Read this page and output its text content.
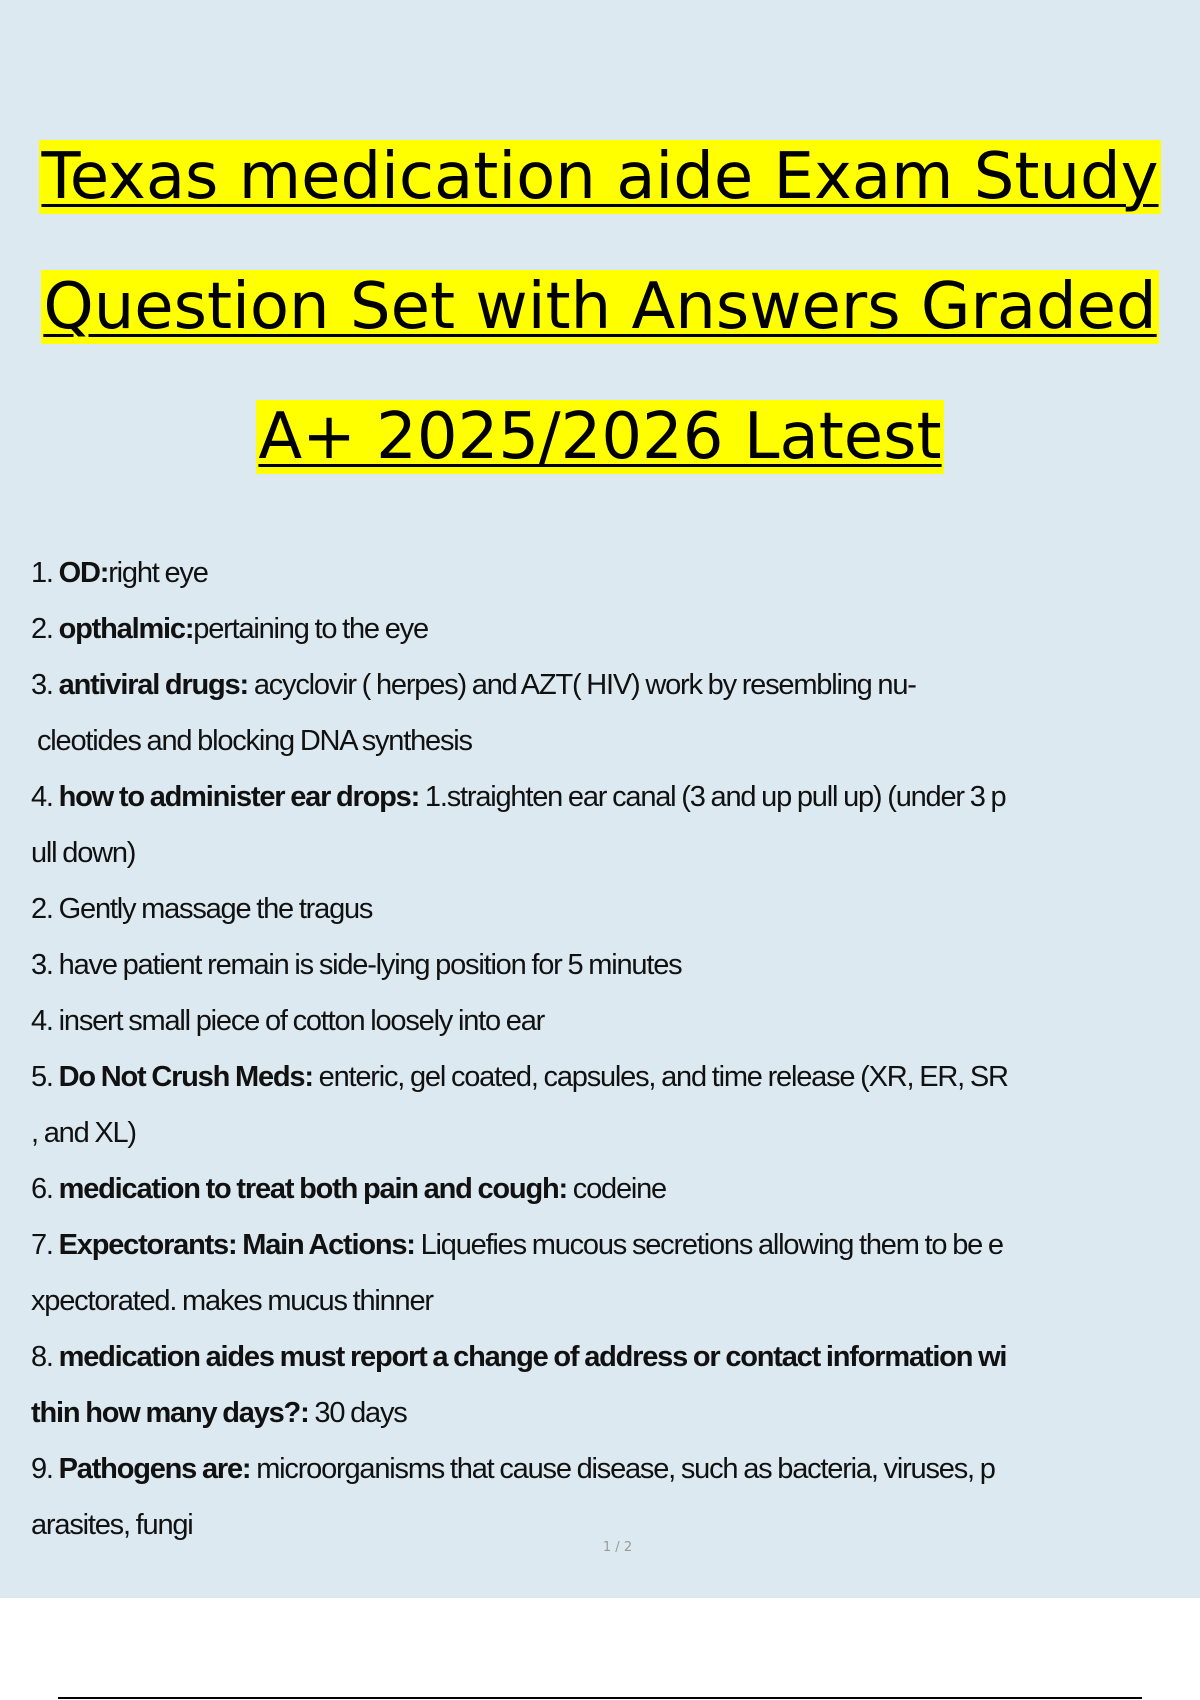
Texas medication aide Exam Study
Question Set with Answers Graded
A+ 2025/2026 Latest

1. OD:right eye

2. opthalmic:pertaining to the eye

3. antiviral drugs: acyclovir ( herpes) and AZT( HIV) work by resembling nu-
cleotides and blocking DNA synthesis

4. how to administer ear drops: 1.straighten ear canal (3 and up pull up) (under 3 p
ull down)

2. Gently massage the tragus

3. have patient remain is side-lying position for 5 minutes

4. insert small piece of cotton loosely into ear

5. Do Not Crush Meds: enteric, gel coated, capsules, and time release (XR, ER, SR
, and XL)

6. medication to treat both pain and cough: codeine

7. Expectorants: Main Actions: Liquefies mucous secretions allowing them to be e
xpectorated. makes mucus thinner

8. medication aides must report a change of address or contact information wi
thin how many days?: 30 days

9. Pathogens are: microorganisms that cause disease, such as bacteria, viruses, p
arasites, fungi

1 / 2
